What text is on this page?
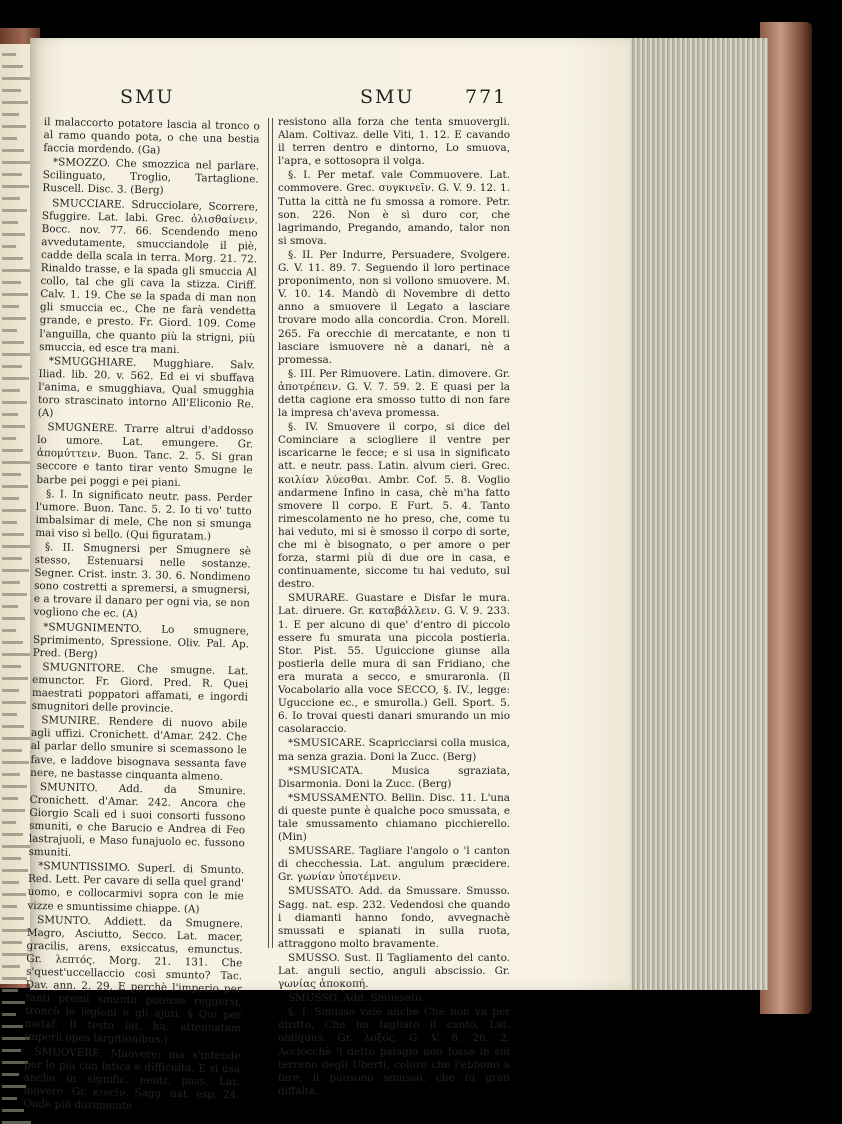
SMU	SMU	771

il malaccorto potatore lascia al tronco o al ramo quando pota, o che una bestia faccia mordendo. (Ga)

*SMOZZO. Che smozzica nel parlare. Scilinguato, Troglio, Tartaglione. Ruscell. Disc. 3. (Berg)

SMUCCIARE. Sdrucciolare, Scorrere, Sfuggire. Lat. labi. Grec. ὀλισθαίνειν. Bocc. nov. 77. 66. Scendendo meno avvedutamente, smucciandole il piè, cadde della scala in terra. Morg. 21. 72. Rinaldo trasse, e la spada gli smuccia Al collo, tal che gli cava la stizza. Ciriff. Calv. 1. 19. Che se la spada di man non gli smuccia ec., Che ne farà vendetta grande, e presto. Fr. Giord. 109. Come l'anguilla, che quanto più la strigni, più smuccia, ed esce tra mani.

*SMUGGHIARE. Mugghiare. Salv. Iliad. lib. 20. v. 562. Ed ei vi sbuffava l'anima, e smugghiava, Qual smugghia toro strascinato intorno All'Eliconio Re. (A)

SMUGNERE. Trarre altrui d'addosso lo umore. Lat. emungere. Gr. ἀπομύττειν. Buon. Tanc. 2. 5. Si gran seccore e tanto tirar vento Smugne le barbe pei poggi e pei piani.

§. I. In significato neutr. pass. Perder l'umore. Buon. Tanc. 5. 2. Io ti vo' tutto imbalsimar di mele, Che non si smunga mai viso sì bello. (Qui figuratam.)

§. II. Smugnersi per Smugnere sè stesso, Estenuarsi nelle sostanze. Segner. Crist. instr. 3. 30. 6. Nondimeno sono costretti a spremersi, a smugnersi, e a trovare il danaro per ogni via, se non vogliono che ec. (A)

*SMUGNIMENTO. Lo smugnere, Sprimimento, Spressione. Oliv. Pal. Ap. Pred. (Berg)

SMUGNITORE. Che smugne. Lat. emunctor. Fr. Giord. Pred. R. Quei maestrati poppatori affamati, e ingordi smugnitori delle provincie.

SMUNIRE. Rendere di nuovo abile agli uffizi. Cronichett. d'Amar. 242. Che al parlar dello smunire si scemassono le fave, e laddove bisognava sessanta fave nere, ne bastasse cinquanta almeno.

SMUNITO. Add. da Smunire. Cronichett. d'Amar. 242. Ancora che Giorgio Scali ed i suoi consorti fussono smuniti, e che Barucio e Andrea di Feo lastrajuoli, e Maso funajuolo ec. fussono smuniti.

*SMUNTISSIMO. Superl. di Smunto. Red. Lett. Per cavare di sella quel grand' uomo, e collocarmivi sopra con le mie vizze e smuntissime chiappe. (A)

SMUNTO. Addiett. da Smugnere. Magro, Asciutto, Secco. Lat. macer, gracilis, arens, exsiccatus, emunctus. Gr. λεπτός. Morg. 21. 131. Che s'quest'uccellaccio così smunto? Tac. Dav. ann. 2. 29. E perchè l'imperio per tanti premi smunto potesse reggersi, troncò le legioni e gli ajuti. § Qui per metaf. Il testo lat. ha: attenuatam imperii opes largitionibus.)

SMUOVERE. Muovere; ma s'intende per lo più con fatica e difficultà. E si usa anche in signific. neutr. pass. Lat. movere. Gr. κινεῖν. Sagg. nat. esp. 24. Onde più duramente

resistono alla forza che tenta smuovergli. Alam. Coltivaz. delle Viti, 1. 12. E cavando il terren dentro e dintorno, Lo smuova, l'apra, e sottosopra il volga.

§. I. Per metaf. vale Commuovere. Lat. commovere. Grec. συγκινεῖν. G. V. 9. 12. 1. Tutta la città ne fu smossa a romore. Petr. son. 226. Non è sì duro cor, che lagrimando, Pregando, amando, talor non si smova.

§. II. Per Indurre, Persuadere, Svolgere. G. V. 11. 89. 7. Seguendo il loro pertinace proponimento, non si vollono smuovere. M. V. 10. 14. Mandò di Novembre di detto anno a smuovere il Legato a lasciare trovare modo alla concordia. Cron. Morell. 265. Fa orecchie di mercatante, e non ti lasciare ismuovere nè a danari, nè a promessa.

§. III. Per Rimuovere. Latin. dimovere. Gr. ἀποτρέπειν. G. V. 7. 59. 2. E quasi per la detta cagione era smosso tutto di non fare la impresa ch'aveva promessa.

§. IV. Smuovere il corpo, si dice del Cominciare a sciogliere il ventre per iscaricarne le fecce; e si usa in significato att. e neutr. pass. Latin. alvum cieri. Grec. κοιλίαν λύεσθαι. Ambr. Cof. 5. 8. Voglio andarmene Infino in casa, chè m'ha fatto smovere Il corpo. E Furt. 5. 4. Tanto rimescolamento ne ho preso, che, come tu hai veduto, mi si è smosso il corpo di sorte, che mi è bisognato, o per amore o per forza, starmi più di due ore in casa, e continuamente, siccome tu hai veduto, sul destro.

SMURARE. Guastare e Disfar le mura. Lat. diruere. Gr. καταβάλλειν. G. V. 9. 233. 1. E per alcuno di que' d'entro di piccolo essere fu smurata una piccola postierla. Stor. Pist. 55. Uguiccione giunse alla postierla delle mura di san Fridiano, che era murata a secco, e smuraronla. (Il Vocabolario alla voce SECCO, §. IV., legge: Uguccione ec., e smurolla.) Gell. Sport. 5. 6. Io trovai questi danari smurando un mio casolaraccio.

*SMUSICARE. Scapricciarsi colla musica, ma senza grazia. Doni la Zucc. (Berg)

*SMUSICATA. Musica sgraziata, Disarmonia. Doni la Zucc. (Berg)

*SMUSSAMENTO. Bellin. Disc. 11. L'una di queste punte è qualche poco smussata, e tale smussamento chiamano picchierello. (Min)

SMUSSARE. Tagliare l'angolo o 'l canton di checchessia. Lat. angulum præcidere. Gr. γωνίαν ὑποτέμνειν.

SMUSSATO. Add. da Smussare. Smusso. Sagg. nat. esp. 232. Vedendosi che quando i diamanti hanno fondo, avvegnachè smussati e spianati in sulla ruota, attraggono molto bravamente.

SMUSSO. Sust. Il Tagliamento del canto. Lat. anguli sectio, anguli abscissio. Gr. γωνίας ἀποκοπή.

SMUSSO. Add. Smussato.

§. I. Smusso vale anche Che non va per diritto, Che ha tagliato il canto. Lat. obliquus. Gr. λοξός. G. V. 8. 26. 2. Acciocchè 'l detto palagio non fosse in sul terreno degli Uberti, coloro che l'ebbono a fare, il puosono smusso, che fu gran diffalta.
